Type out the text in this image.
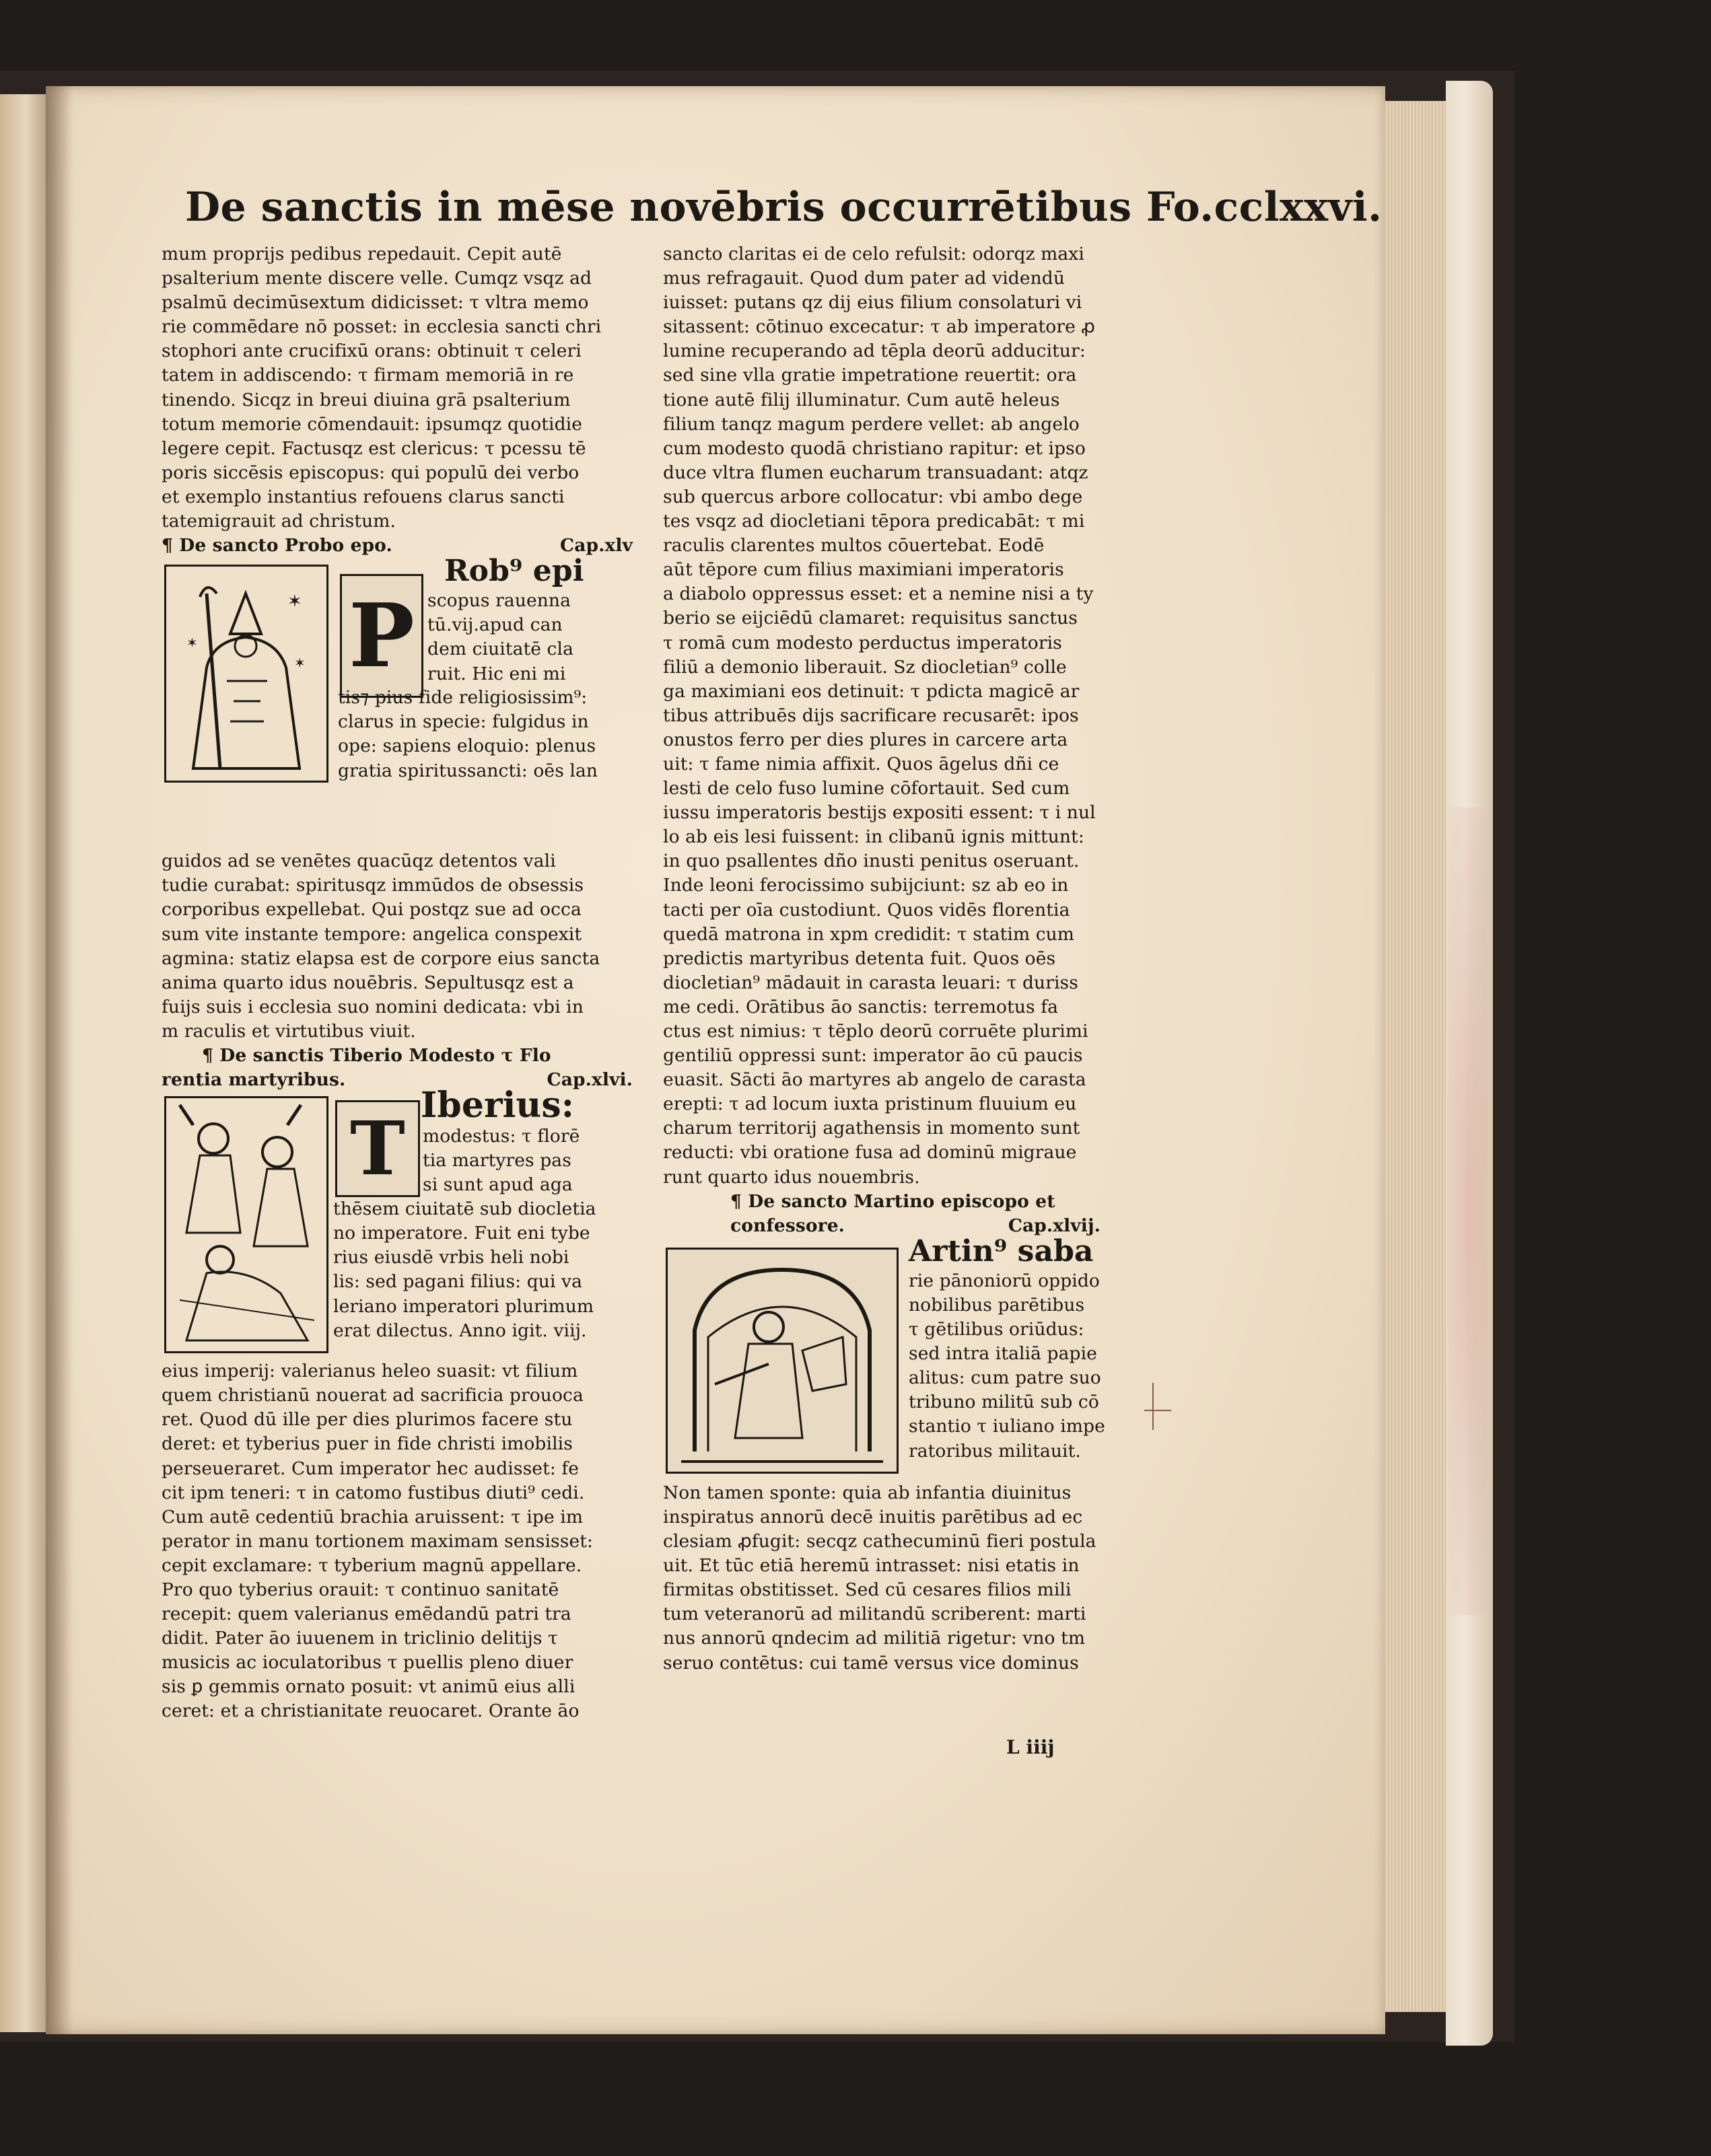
De sanctis in mēse novēbris occurrētibus Fo.cclxxvi.
mum proprijs pedibus repedauit. Cepit autē
psalterium mente discere velle. Cumqz vsqz ad
psalmū decimūsextum didicisset: τ vltra memo
rie commēdare nō posset: in ecclesia sancti chri
stophori ante crucifixū orans: obtinuit τ celeri
tatem in addiscendo: τ firmam memoriā in re
tinendo. Sicqz in breui diuina grā psalterium
totum memorie cōmendauit: ipsumqz quotidie
legere cepit. Factusqz est clericus: τ pcessu tē
poris siccēsis episcopus: qui populū dei verbo
et exemplo instantius refouens clarus sancti
tatemigrauit ad christum.
¶ De sancto Probo epo.	Cap.xlv
✶
✶
✶ P
Rob⁹ epi
scopus rauenna
tū.vij.apud can
dem ciuitatē cla
ruit. Hic eni mi
tis⁊ pius fide religiosissim⁹:
clarus in specie: fulgidus in
ope: sapiens eloquio: plenus
gratia spiritussancti: oēs lan
guidos ad se venētes quacūqz detentos vali
tudie curabat: spiritusqz immūdos de obsessis
corporibus expellebat. Qui postqz sue ad occa
sum vite instante tempore: angelica conspexit
agmina: statiz elapsa est de corpore eius sancta
anima quarto idus nouēbris. Sepultusqz est a
fuijs suis i ecclesia suo nomini dedicata: vbi in
m raculis et virtutibus viuit.
¶ De sanctis Tiberio Modesto τ Flo
rentia martyribus.	Cap.xlvi.
T Iberius:
modestus: τ florē
tia martyres pas
si sunt apud aga
thēsem ciuitatē sub diocletia
no imperatore. Fuit eni tybe
rius eiusdē vrbis heli nobi
lis: sed pagani filius: qui va
leriano imperatori plurimum
erat dilectus. Anno igit. viij.
eius imperij: valerianus heleo suasit: vt filium
quem christianū nouerat ad sacrificia prouoca
ret. Quod dū ille per dies plurimos facere stu
deret: et tyberius puer in fide christi imobilis
perseueraret. Cum imperator hec audisset: fe
cit ipm teneri: τ in catomo fustibus diuti⁹ cedi.
Cum autē cedentiū brachia aruissent: τ ipe im
perator in manu tortionem maximam sensisset:
cepit exclamare: τ tyberium magnū appellare.
Pro quo tyberius orauit: τ continuo sanitatē
recepit: quem valerianus emēdandū patri tra
didit. Pater āo iuuenem in triclinio delitijs τ
musicis ac ioculatoribus τ puellis pleno diuer
sis ꝑ gemmis ornato posuit: vt animū eius alli
ceret: et a christianitate reuocaret. Orante āo
sancto claritas ei de celo refulsit: odorqz maxi
mus refragauit. Quod dum pater ad videndū
iuisset: putans qz dij eius filium consolaturi vi
sitassent: cōtinuo excecatur: τ ab imperatore ꝓ
lumine recuperando ad tēpla deorū adducitur:
sed sine vlla gratie impetratione reuertit: ora
tione autē filij illuminatur. Cum autē heleus
filium tanqz magum perdere vellet: ab angelo
cum modesto quodā christiano rapitur: et ipso
duce vltra flumen eucharum transuadant: atqz
sub quercus arbore collocatur: vbi ambo dege
tes vsqz ad diocletiani tēpora predicabāt: τ mi
raculis clarentes multos cōuertebat. Eodē
aūt tēpore cum filius maximiani imperatoris
a diabolo oppressus esset: et a nemine nisi a ty
berio se eijciēdū clamaret: requisitus sanctus
τ romā cum modesto perductus imperatoris
filiū a demonio liberauit. Sz diocletian⁹ colle
ga maximiani eos detinuit: τ pdicta magicē ar
tibus attribuēs dijs sacrificare recusarēt: ipos
onustos ferro per dies plures in carcere arta
uit: τ fame nimia affixit. Quos āgelus dñi ce
lesti de celo fuso lumine cōfortauit. Sed cum
iussu imperatoris bestijs expositi essent: τ i nul
lo ab eis lesi fuissent: in clibanū ignis mittunt:
in quo psallentes dño inusti penitus oseruant.
Inde leoni ferocissimo subijciunt: sz ab eo in
tacti per oīa custodiunt. Quos vidēs florentia
quedā matrona in xpm credidit: τ statim cum
predictis martyribus detenta fuit. Quos oēs
diocletian⁹ mādauit in carasta leuari: τ duriss
me cedi. Orātibus āo sanctis: terremotus fa
ctus est nimius: τ tēplo deorū corruēte plurimi
gentiliū oppressi sunt: imperator āo cū paucis
euasit. Sācti āo martyres ab angelo de carasta
erepti: τ ad locum iuxta pristinum fluuium eu
charum territorij agathensis in momento sunt
reducti: vbi oratione fusa ad dominū migraue
runt quarto idus nouembris.
¶ De sancto Martino episcopo et
confessore.	Cap.xlvij.
Artin⁹ saba
rie pānoniorū oppido
nobilibus parētibus
τ gētilibus oriūdus:
sed intra italiā papie
alitus: cum patre suo
tribuno militū sub cō
stantio τ iuliano impe
ratoribus militauit.
Non tamen sponte: quia ab infantia diuinitus
inspiratus annorū decē inuitis parētibus ad ec
clesiam ꝓfugit: secqz cathecuminū fieri postula
uit. Et tūc etiā heremū intrasset: nisi etatis in
firmitas obstitisset. Sed cū cesares filios mili
tum veteranorū ad militandū scriberent: marti
nus annorū qndecim ad militiā rigetur: vno tm
seruo contētus: cui tamē versus vice dominus
L iiij
